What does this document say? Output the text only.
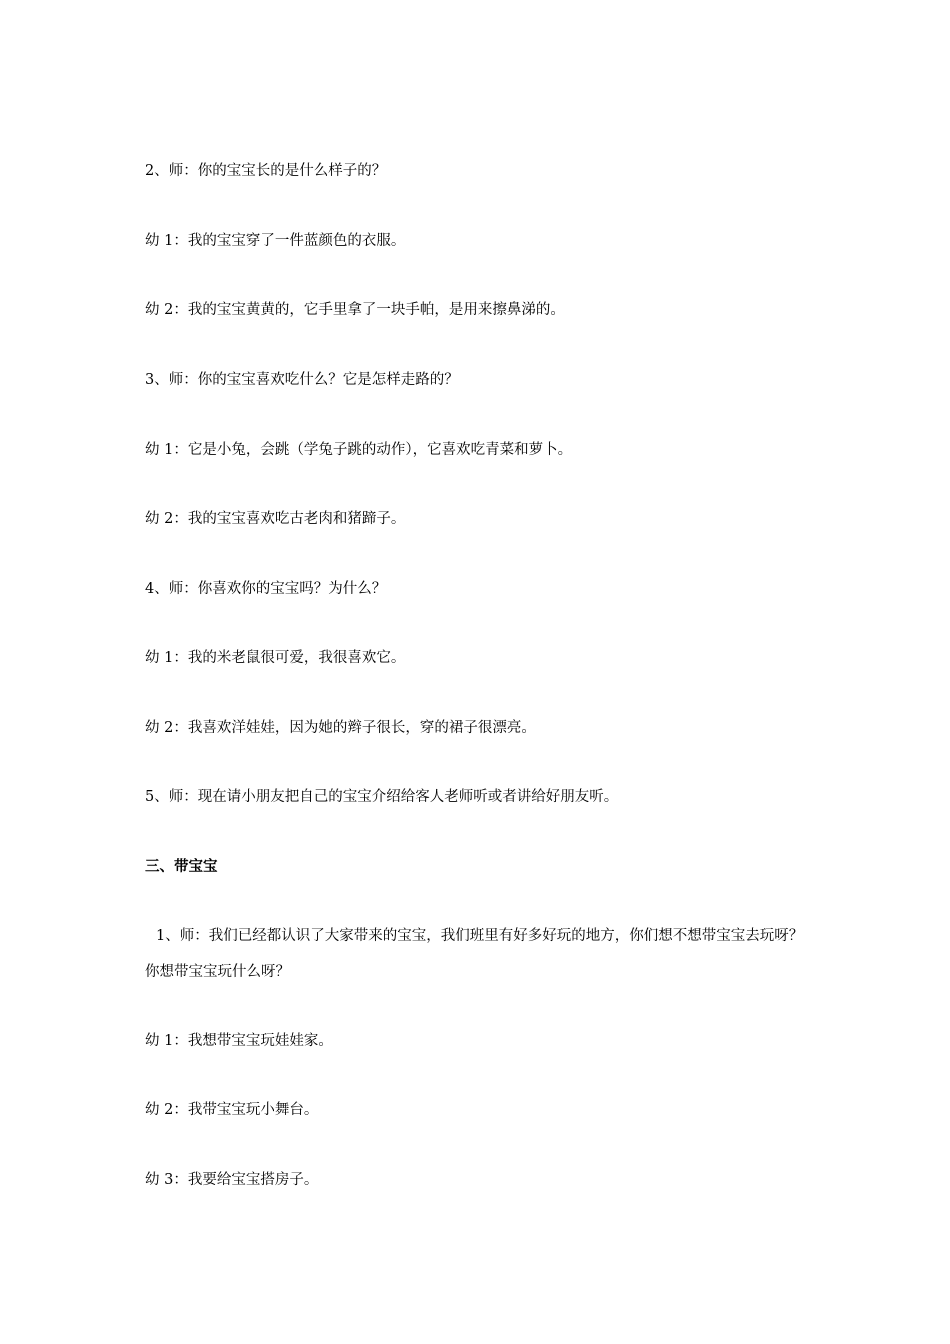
2、师：你的宝宝长的是什么样子的？
幼 1：我的宝宝穿了一件蓝颜色的衣服。
幼 2：我的宝宝黄黄的，它手里拿了一块手帕，是用来擦鼻涕的。
3、师：你的宝宝喜欢吃什么？它是怎样走路的？
幼 1：它是小兔，会跳（学兔子跳的动作），它喜欢吃青菜和萝卜。
幼 2：我的宝宝喜欢吃古老肉和猪蹄子。
4、师：你喜欢你的宝宝吗？为什么？
幼 1：我的米老鼠很可爱，我很喜欢它。
幼 2：我喜欢洋娃娃，因为她的辫子很长，穿的裙子很漂亮。
5、师：现在请小朋友把自己的宝宝介绍给客人老师听或者讲给好朋友听。
三、带宝宝
1、师：我们已经都认识了大家带来的宝宝，我们班里有好多好玩的地方，你们想不想带宝宝去玩呀？你想带宝宝玩什么呀？
幼 1：我想带宝宝玩娃娃家。
幼 2：我带宝宝玩小舞台。
幼 3：我要给宝宝搭房子。
